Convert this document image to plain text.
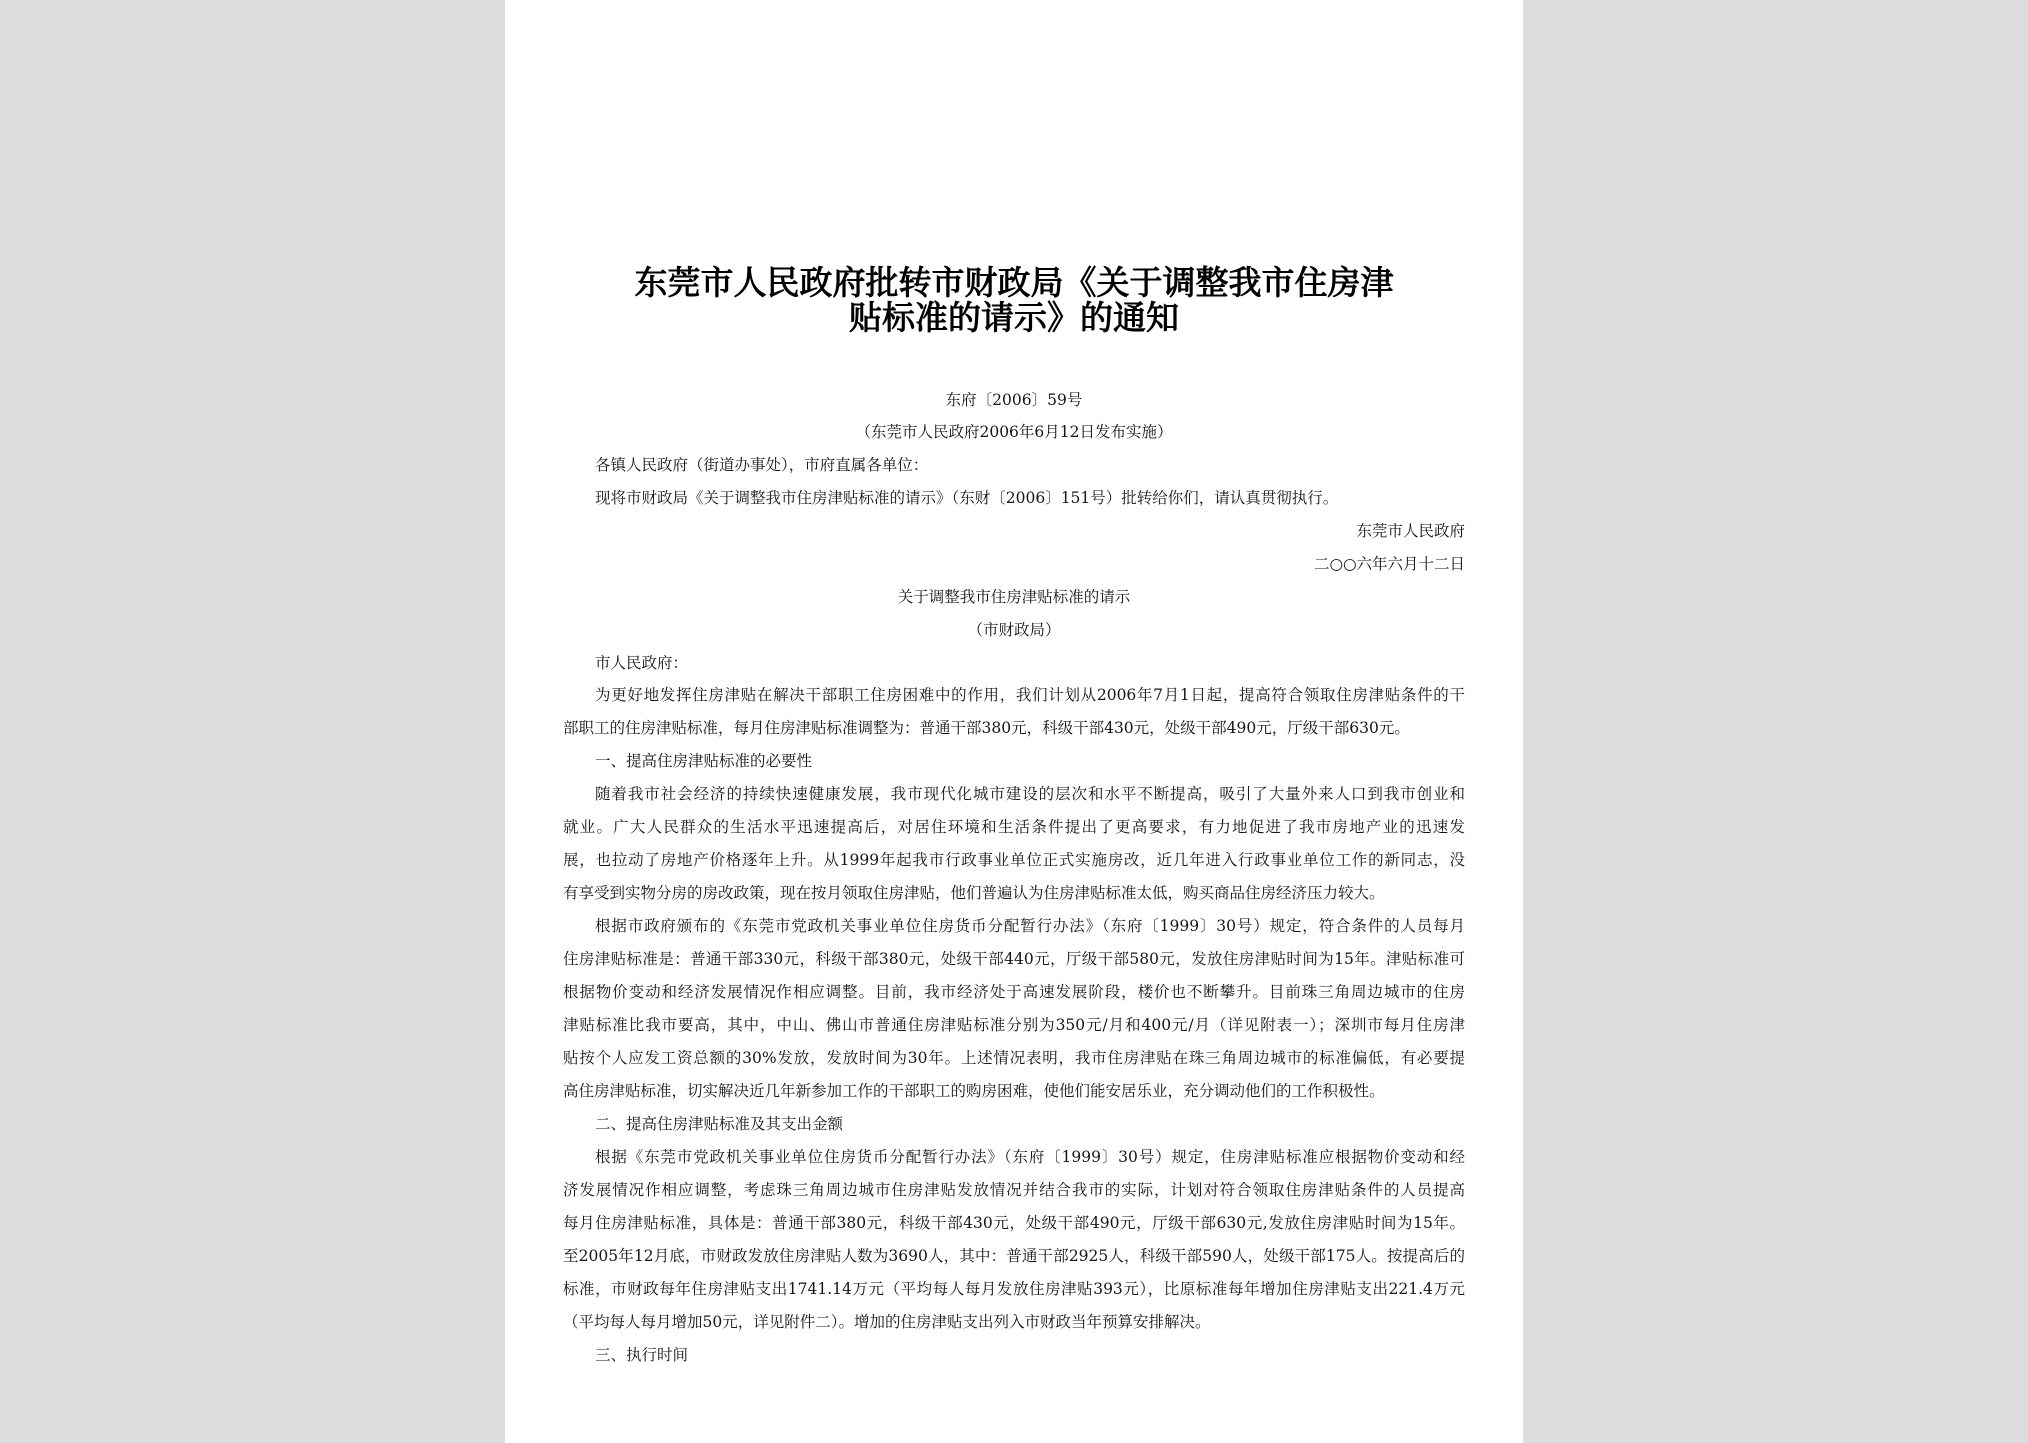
东莞市人民政府批转市财政局《关于调整我市住房津
贴标准的请示》的通知
东府〔2006〕59号
（东莞市人民政府2006年6月12日发布实施）
各镇人民政府（街道办事处），市府直属各单位：
现将市财政局《关于调整我市住房津贴标准的请示》（东财〔2006〕151号）批转给你们，请认真贯彻执行。
东莞市人民政府
二○○六年六月十二日
关于调整我市住房津贴标准的请示
（市财政局）
市人民政府：
为更好地发挥住房津贴在解决干部职工住房困难中的作用，我们计划从2006年7月1日起，提高符合领取住房津贴条件的干
部职工的住房津贴标准，每月住房津贴标准调整为：普通干部380元，科级干部430元，处级干部490元，厅级干部630元。
一、提高住房津贴标准的必要性
随着我市社会经济的持续快速健康发展，我市现代化城市建设的层次和水平不断提高，吸引了大量外来人口到我市创业和
就业。广大人民群众的生活水平迅速提高后，对居住环境和生活条件提出了更高要求，有力地促进了我市房地产业的迅速发
展，也拉动了房地产价格逐年上升。从1999年起我市行政事业单位正式实施房改，近几年进入行政事业单位工作的新同志，没
有享受到实物分房的房改政策，现在按月领取住房津贴，他们普遍认为住房津贴标准太低，购买商品住房经济压力较大。
根据市政府颁布的《东莞市党政机关事业单位住房货币分配暂行办法》（东府〔1999〕30号）规定，符合条件的人员每月
住房津贴标准是：普通干部330元，科级干部380元，处级干部440元，厅级干部580元，发放住房津贴时间为15年。津贴标准可
根据物价变动和经济发展情况作相应调整。目前，我市经济处于高速发展阶段，楼价也不断攀升。目前珠三角周边城市的住房
津贴标准比我市要高，其中，中山、佛山市普通住房津贴标准分别为350元/月和400元/月（详见附表一）；深圳市每月住房津
贴按个人应发工资总额的30%发放，发放时间为30年。上述情况表明，我市住房津贴在珠三角周边城市的标准偏低，有必要提
高住房津贴标准，切实解决近几年新参加工作的干部职工的购房困难，使他们能安居乐业，充分调动他们的工作积极性。
二、提高住房津贴标准及其支出金额
根据《东莞市党政机关事业单位住房货币分配暂行办法》（东府〔1999〕30号）规定，住房津贴标准应根据物价变动和经
济发展情况作相应调整，考虑珠三角周边城市住房津贴发放情况并结合我市的实际，计划对符合领取住房津贴条件的人员提高
每月住房津贴标准，具体是：普通干部380元，科级干部430元，处级干部490元，厅级干部630元,发放住房津贴时间为15年。
至2005年12月底，市财政发放住房津贴人数为3690人，其中：普通干部2925人，科级干部590人，处级干部175人。按提高后的
标准，市财政每年住房津贴支出1741.14万元（平均每人每月发放住房津贴393元），比原标准每年增加住房津贴支出221.4万元
（平均每人每月增加50元，详见附件二）。增加的住房津贴支出列入市财政当年预算安排解决。
三、执行时间
